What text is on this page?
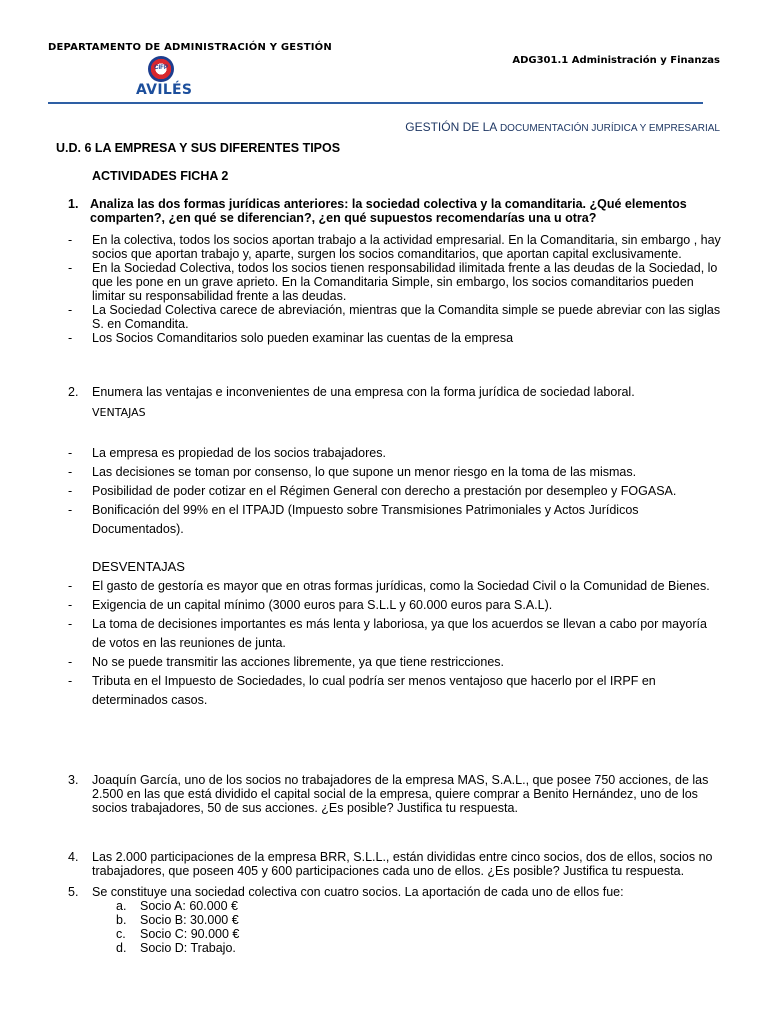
DEPARTAMENTO DE ADMINISTRACIÓN Y GESTIÓN
ADG301.1 Administración y Finanzas
CIFP
AVILÉS
GESTIÓN DE LA DOCUMENTACIÓN JURÍDICA Y EMPRESARIAL
U.D. 6 LA EMPRESA Y SUS DIFERENTES TIPOS
ACTIVIDADES FICHA 2
1. Analiza las dos formas jurídicas anteriores: la sociedad colectiva y la comanditaria. ¿Qué elementos comparten?, ¿en qué se diferencian?, ¿en qué supuestos recomendarías una u otra?
- En la colectiva, todos los socios aportan trabajo a la actividad empresarial. En la Comanditaria, sin embargo , hay socios que aportan trabajo y, aparte, surgen los socios comanditarios, que aportan capital exclusivamente.
- En la Sociedad Colectiva, todos los socios tienen responsabilidad ilimitada frente a las deudas de la Sociedad, lo que les pone en un grave aprieto. En la Comanditaria Simple, sin embargo, los socios comanditarios pueden limitar su responsabilidad frente a las deudas.
- La Sociedad Colectiva carece de abreviación, mientras que la Comandita simple se puede abreviar con las siglas S. en Comandita.
- Los Socios Comanditarios solo pueden examinar las cuentas de la empresa
2.	Enumera las ventajas e inconvenientes de una empresa con la forma jurídica de sociedad laboral.
VENTAJAS
- La empresa es propiedad de los socios trabajadores.
- Las decisiones se toman por consenso, lo que supone un menor riesgo en la toma de las mismas.
- Posibilidad de poder cotizar en el Régimen General con derecho a prestación por desempleo y FOGASA.
- Bonificación del 99% en el ITPAJD (Impuesto sobre Transmisiones Patrimoniales y Actos Jurídicos Documentados).
DESVENTAJAS
- El gasto de gestoría es mayor que en otras formas jurídicas, como la Sociedad Civil o la Comunidad de Bienes.
- Exigencia de un capital mínimo (3000 euros para S.L.L y 60.000 euros para S.A.L).
- La toma de decisiones importantes es más lenta y laboriosa, ya que los acuerdos se llevan a cabo por mayoría de votos en las reuniones de junta.
- No se puede transmitir las acciones libremente, ya que tiene restricciones.
- Tributa en el Impuesto de Sociedades, lo cual podría ser menos ventajoso que hacerlo por el IRPF en determinados casos.
3.	Joaquín García, uno de los socios no trabajadores de la empresa MAS, S.A.L., que posee 750 acciones, de las 2.500 en las que está dividido el capital social de la empresa, quiere comprar a Benito Hernández, uno de los socios trabajadores, 50 de sus acciones. ¿Es posible? Justifica tu respuesta.
4.	Las 2.000 participaciones de la empresa BRR, S.L.L., están divididas entre cinco socios, dos de ellos, socios no trabajadores, que poseen 405 y 600 participaciones cada uno de ellos. ¿Es posible? Justifica tu respuesta.
5.	Se constituye una sociedad colectiva con cuatro socios. La aportación de cada uno de ellos fue:
a. Socio A: 60.000 €
b. Socio B: 30.000 €
c. Socio C: 90.000 €
d. Socio D: Trabajo.
